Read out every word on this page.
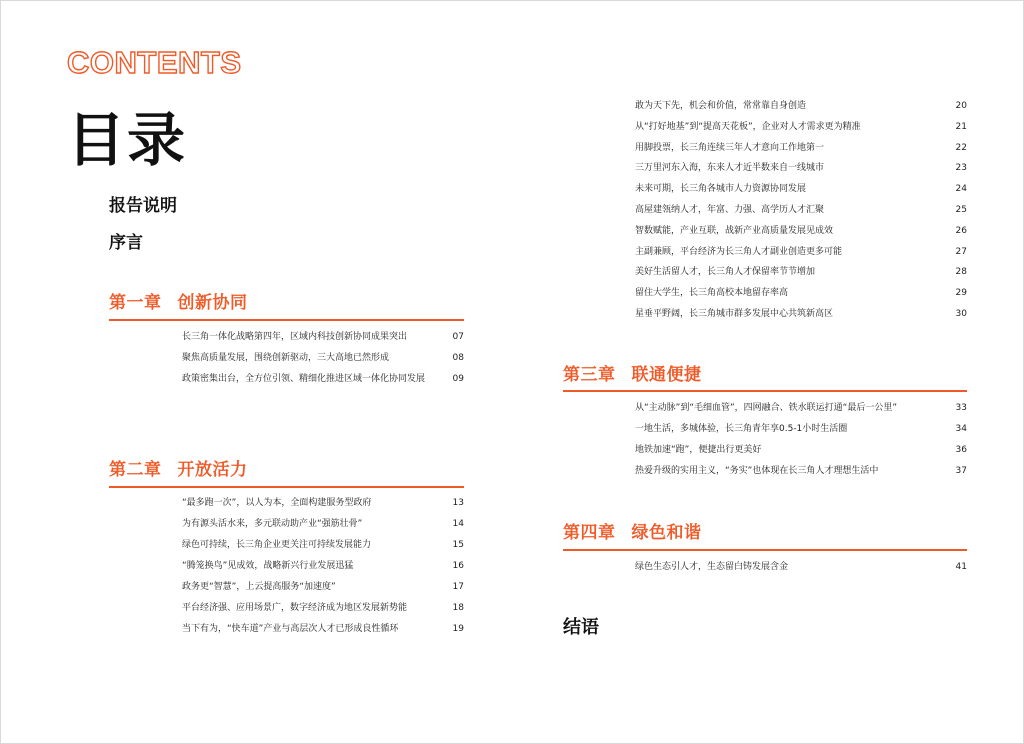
CONTENTS
目录
报告说明
序言
第一章 创新协同
长三角一体化战略第四年，区域内科技创新协同成果突出	07
聚焦高质量发展，围绕创新驱动，三大高地已然形成	08
政策密集出台，全方位引领、精细化推进区域一体化协同发展	09
第二章 开放活力
“最多跑一次”，以人为本，全面构建服务型政府	13
为有源头活水来，多元联动助产业“强筋壮骨”	14
绿色可持续，长三角企业更关注可持续发展能力	15
“腾笼换鸟”见成效，战略新兴行业发展迅猛	16
政务更“智慧”，上云提高服务“加速度”	17
平台经济强、应用场景广，数字经济成为地区发展新势能	18
当下有为，“快车道”产业与高层次人才已形成良性循环	19
敢为天下先，机会和价值，常常靠自身创造	20
从“打好地基”到“提高天花板”，企业对人才需求更为精准	21
用脚投票，长三角连续三年人才意向工作地第一	22
三万里河东入海，东来人才近半数来自一线城市	23
未来可期，长三角各城市人力资源协同发展	24
高屋建瓴纳人才，年富、力强、高学历人才汇聚	25
智数赋能，产业互联，战新产业高质量发展见成效	26
主副兼顾，平台经济为长三角人才副业创造更多可能	27
美好生活留人才，长三角人才保留率节节增加	28
留住大学生，长三角高校本地留存率高	29
星垂平野阔，长三角城市群多发展中心共筑新高区	30
第三章 联通便捷
从“主动脉”到“毛细血管”，四网融合、铁水联运打通“最后一公里”	33
一地生活，多城体验，长三角青年享0.5-1小时生活圈	34
地铁加速“跑”，便捷出行更美好	36
热爱升级的实用主义，“务实”也体现在长三角人才理想生活中	37
第四章 绿色和谐
绿色生态引人才，生态留白铸发展含金	41
结语
